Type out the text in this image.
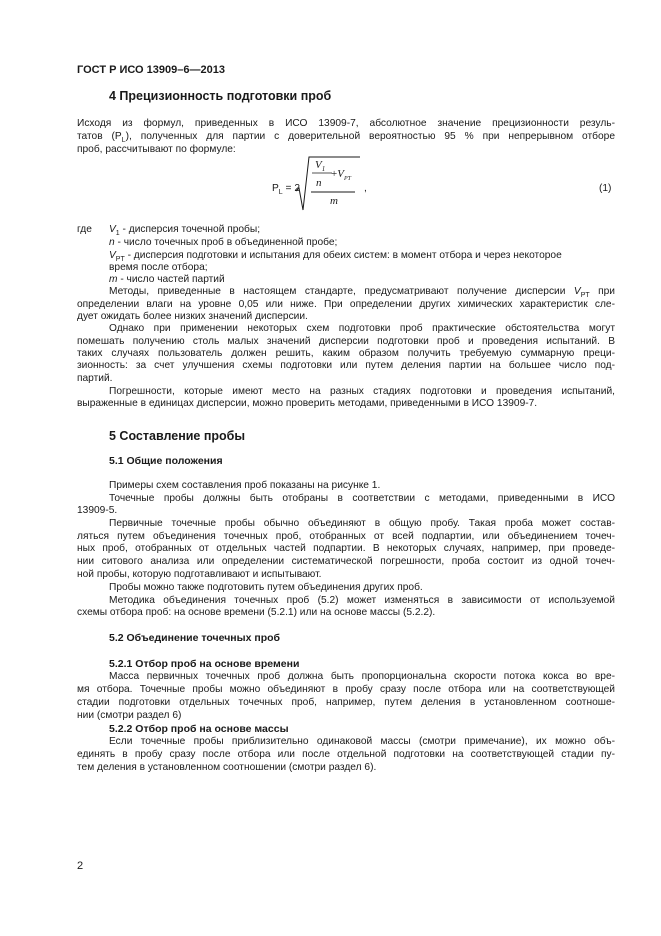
ГОСТ Р ИСО 13909–6—2013
4 Прецизионность подготовки проб
Исходя из формул, приведенных в ИСО 13909-7, абсолютное значение прецизионности резуль-
татов $(P_L)$, полученных для партии с доверительной вероятностью 95 % при непрерывном отборе
проб, рассчитывают по формуле:
$P_L = 2$
$V_1$
n
$+V_{PT}$
m
,	(1)
где $V_1$ - дисперсия точечной пробы;
n - число точечных проб в объединенной пробе;
$V_{PT}$ - дисперсия подготовки и испытания для обеих систем: в момент отбора и через некоторое
время после отбора;
m - число частей партий
Методы, приведенные в настоящем стандарте, предусматривают получение дисперсии $V_{PT}$ при
определении влаги на уровне 0,05 или ниже. При определении других химических характеристик сле-
дует ожидать более низких значений дисперсии.
Однако при применении некоторых схем подготовки проб практические обстоятельства могут
помешать получению столь малых значений дисперсии подготовки проб и проведения испытаний. В
таких случаях пользователь должен решить, каким образом получить требуемую суммарную преци-
зионность: за счет улучшения схемы подготовки или путем деления партии на большее число под-
партий.
Погрешности, которые имеют место на разных стадиях подготовки и проведения испытаний,
выраженные в единицах дисперсии, можно проверить методами, приведенными в ИСО 13909-7.
5 Составление пробы
5.1 Общие положения
Примеры схем составления проб показаны на рисунке 1.
Точечные пробы должны быть отобраны в соответствии с методами, приведенными в ИСО
13909-5.
Первичные точечные пробы обычно объединяют в общую пробу. Такая проба может состав-
ляться путем объединения точечных проб, отобранных от всей подпартии, или объединением точеч-
ных проб, отобранных от отдельных частей подпартии. В некоторых случаях, например, при проведе-
нии ситового анализа или определении систематической погрешности, проба состоит из одной точеч-
ной пробы, которую подготавливают и испытывают.
Пробы можно также подготовить путем объединения других проб.
Методика объединения точечных проб (5.2) может изменяться в зависимости от используемой
схемы отбора проб: на основе времени (5.2.1) или на основе массы (5.2.2).
5.2 Объединение точечных проб
5.2.1 Отбор проб на основе времени
Масса первичных точечных проб должна быть пропорциональна скорости потока кокса во вре-
мя отбора. Точечные пробы можно объединяют в пробу сразу после отбора или на соответствующей
стадии подготовки отдельных точечных проб, например, путем деления в установленном соотноше-
нии (смотри раздел 6)
5.2.2 Отбор проб на основе массы
Если точечные пробы приблизительно одинаковой массы (смотри примечание), их можно объ-
единять в пробу сразу после отбора или после отдельной подготовки на соответствующей стадии пу-
тем деления в установленном соотношении (смотри раздел 6).
2
